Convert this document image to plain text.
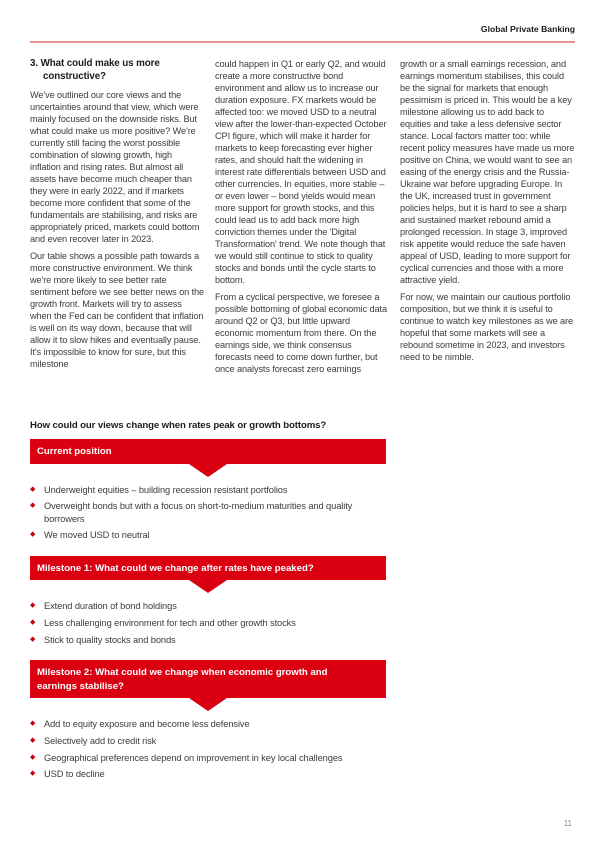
Global Private Banking
3. What could make us more constructive?

We've outlined our core views and the uncertainties around that view, which were mainly focused on the downside risks. But what could make us more positive? We're currently still facing the worst possible combination of slowing growth, high inflation and rising rates. But almost all assets have become much cheaper than they were in early 2022, and if markets become more confident that some of the fundamentals are stabilising, and risks are appropriately priced, markets could bottom and even recover later in 2023.

Our table shows a possible path towards a more constructive environment. We think we're more likely to see better rate sentiment before we see better news on the growth front. Markets will try to assess when the Fed can be confident that inflation is well on its way down, because that will allow it to slow hikes and eventually pause. It's impossible to know for sure, but this milestone

could happen in Q1 or early Q2, and would create a more constructive bond environment and allow us to increase our duration exposure. FX markets would be affected too: we moved USD to a neutral view after the lower-than-expected October CPI figure, which will make it harder for markets to keep forecasting ever higher rates, and should halt the widening in interest rate differentials between USD and other currencies. In equities, more stable – or even lower – bond yields would mean more support for growth stocks, and this could lead us to add back more high conviction themes under the 'Digital Transformation' trend. We note though that we would still continue to stick to quality stocks and bonds until the cycle starts to bottom.

From a cyclical perspective, we foresee a possible bottoming of global economic data around Q2 or Q3, but little upward economic momentum from there. On the earnings side, we think consensus forecasts need to come down further, but once analysts forecast zero earnings

growth or a small earnings recession, and earnings momentum stabilises, this could be the signal for markets that enough pessimism is priced in. This would be a key milestone allowing us to add back to equities and take a less defensive sector stance. Local factors matter too: while recent policy measures have made us more positive on China, we would want to see an easing of the energy crisis and the Russia-Ukraine war before upgrading Europe. In the UK, increased trust in government policies helps, but it is hard to see a sharp and sustained market rebound amid a prolonged recession. In stage 3, improved risk appetite would reduce the safe haven appeal of USD, leading to more support for cyclical currencies and those with a more attractive yield.

For now, we maintain our cautious portfolio composition, but we think it is useful to continue to watch key milestones as we are hopeful that some markets will see a rebound sometime in 2023, and investors need to be nimble.

How could our views change when rates peak or growth bottoms?
Current position
◆ Underweight equities – building recession resistant portfolios
◆ Overweight bonds but with a focus on short-to-medium maturities and quality borrowers
◆ We moved USD to neutral
Milestone 1: What could we change after rates have peaked?
◆ Extend duration of bond holdings
◆ Less challenging environment for tech and other growth stocks
◆ Stick to quality stocks and bonds
Milestone 2: What could we change when economic growth and earnings stabilise?
◆ Add to equity exposure and become less defensive
◆ Selectively add to credit risk
◆ Geographical preferences depend on improvement in key local challenges
◆ USD to decline
11
